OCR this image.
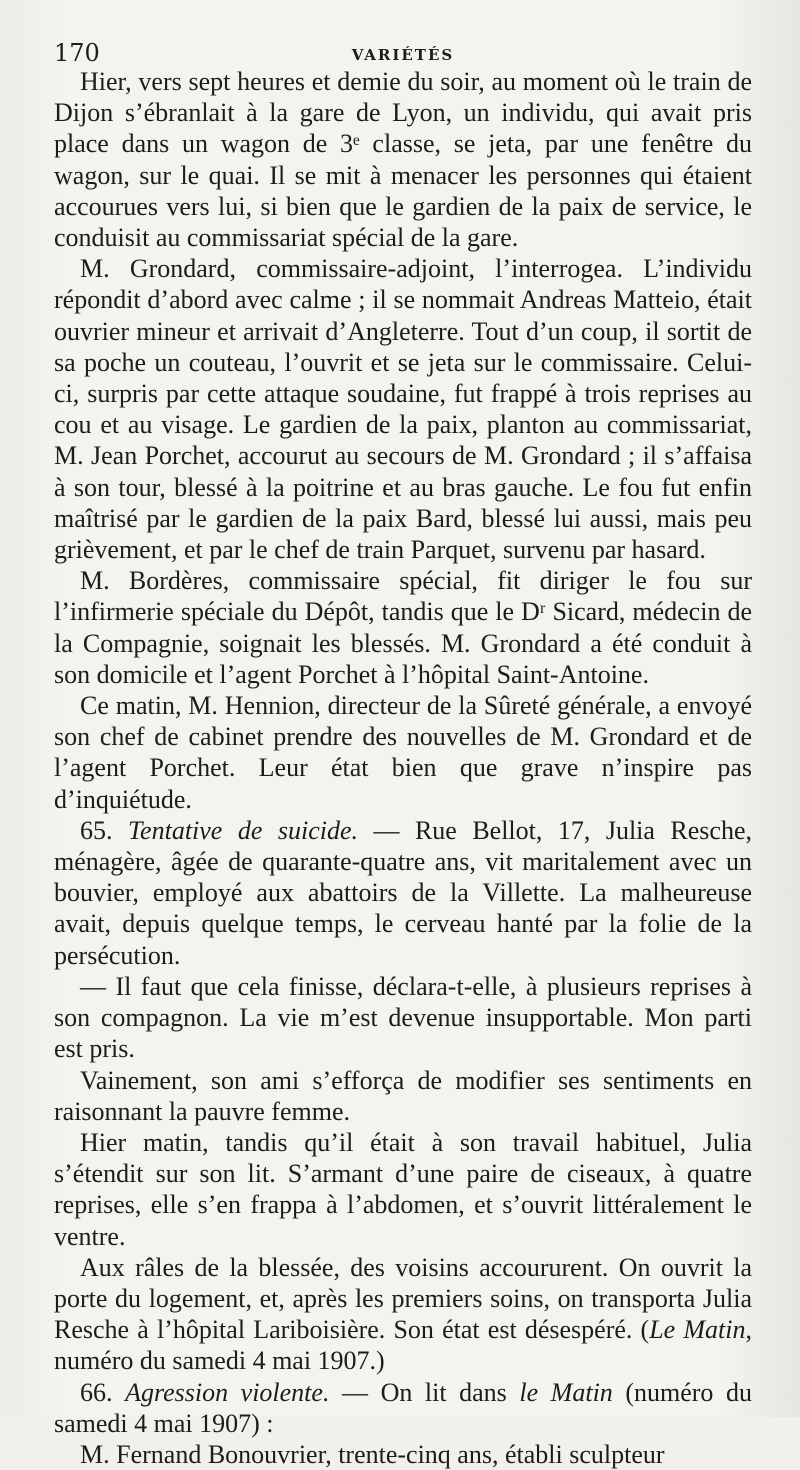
170	VARIÉTÉS

Hier, vers sept heures et demie du soir, au moment où le train de Dijon s’ébranlait à la gare de Lyon, un individu, qui avait pris place dans un wagon de 3ᵉ classe, se jeta, par une fenêtre du wagon, sur le quai. Il se mit à menacer les personnes qui étaient accourues vers lui, si bien que le gardien de la paix de service, le conduisit au commissariat spécial de la gare.

M. Grondard, commissaire-adjoint, l’interrogea. L’individu répondit d’abord avec calme ; il se nommait Andreas Matteio, était ouvrier mineur et arrivait d’Angleterre. Tout d’un coup, il sortit de sa poche un couteau, l’ouvrit et se jeta sur le commissaire. Celui-ci, surpris par cette attaque soudaine, fut frappé à trois reprises au cou et au visage. Le gardien de la paix, planton au commissariat, M. Jean Porchet, accourut au secours de M. Grondard ; il s’affaisa à son tour, blessé à la poitrine et au bras gauche. Le fou fut enfin maîtrisé par le gardien de la paix Bard, blessé lui aussi, mais peu grièvement, et par le chef de train Parquet, survenu par hasard.

M. Bordères, commissaire spécial, fit diriger le fou sur l’infirmerie spéciale du Dépôt, tandis que le Dʳ Sicard, médecin de la Compagnie, soignait les blessés. M. Grondard a été conduit à son domicile et l’agent Porchet à l’hôpital Saint-Antoine.

Ce matin, M. Hennion, directeur de la Sûreté générale, a envoyé son chef de cabinet prendre des nouvelles de M. Grondard et de l’agent Porchet. Leur état bien que grave n’inspire pas d’inquiétude.

65. Tentative de suicide. — Rue Bellot, 17, Julia Resche, ménagère, âgée de quarante-quatre ans, vit maritalement avec un bouvier, employé aux abattoirs de la Villette. La malheureuse avait, depuis quelque temps, le cerveau hanté par la folie de la persécution.

— Il faut que cela finisse, déclara-t-elle, à plusieurs reprises à son compagnon. La vie m’est devenue insupportable. Mon parti est pris.

Vainement, son ami s’efforça de modifier ses sentiments en raisonnant la pauvre femme.

Hier matin, tandis qu’il était à son travail habituel, Julia s’étendit sur son lit. S’armant d’une paire de ciseaux, à quatre reprises, elle s’en frappa à l’abdomen, et s’ouvrit littéralement le ventre.

Aux râles de la blessée, des voisins accoururent. On ouvrit la porte du logement, et, après les premiers soins, on transporta Julia Resche à l’hôpital Lariboisière. Son état est désespéré. (Le Matin, numéro du samedi 4 mai 1907.)

66. Agression violente. — On lit dans le Matin (numéro du samedi 4 mai 1907) :

M. Fernand Bonouvrier, trente-cinq ans, établi sculpteur
